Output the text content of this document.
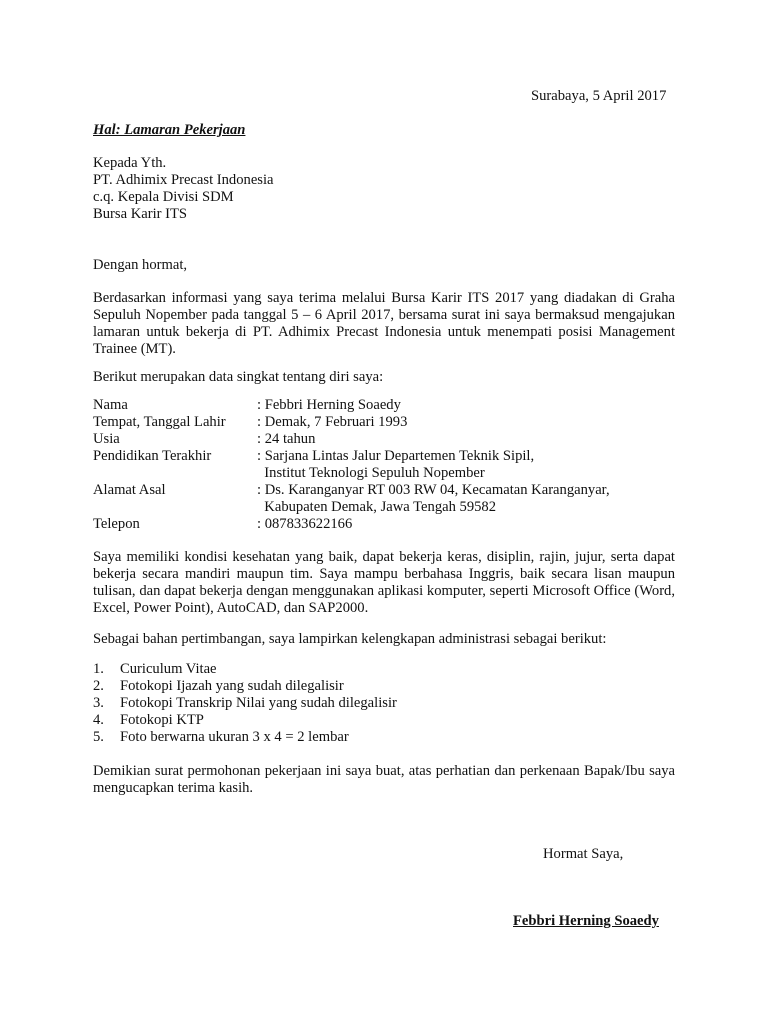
Surabaya, 5 April 2017
Hal: Lamaran Pekerjaan
Kepada Yth.
PT. Adhimix Precast Indonesia
c.q. Kepala Divisi SDM
Bursa Karir ITS
Dengan hormat,
Berdasarkan informasi yang saya terima melalui Bursa Karir ITS 2017 yang diadakan di Graha Sepuluh Nopember pada tanggal 5 – 6 April 2017, bersama surat ini saya bermaksud mengajukan lamaran untuk bekerja di PT. Adhimix Precast Indonesia untuk menempati posisi Management Trainee (MT).
Berikut merupakan data singkat tentang diri saya:
Nama	: Febbri Herning Soaedy
Tempat, Tanggal Lahir : Demak, 7 Februari 1993
Usia	: 24 tahun
Pendidikan Terakhir	: Sarjana Lintas Jalur Departemen Teknik Sipil,
Institut Teknologi Sepuluh Nopember
Alamat Asal	: Ds. Karanganyar RT 003 RW 04, Kecamatan Karanganyar,
Kabupaten Demak, Jawa Tengah 59582
Telepon	: 087833622166
Saya memiliki kondisi kesehatan yang baik, dapat bekerja keras, disiplin, rajin, jujur, serta dapat bekerja secara mandiri maupun tim. Saya mampu berbahasa Inggris, baik secara lisan maupun tulisan, dan dapat bekerja dengan menggunakan aplikasi komputer, seperti Microsoft Office (Word, Excel, Power Point), AutoCAD, dan SAP2000.
Sebagai bahan pertimbangan, saya lampirkan kelengkapan administrasi sebagai berikut:
1. Curiculum Vitae
2. Fotokopi Ijazah yang sudah dilegalisir
3. Fotokopi Transkrip Nilai yang sudah dilegalisir
4. Fotokopi KTP
5. Foto berwarna ukuran 3 x 4 = 2 lembar
Demikian surat permohonan pekerjaan ini saya buat, atas perhatian dan perkenaan Bapak/Ibu saya mengucapkan terima kasih.
Hormat Saya,
Febbri Herning Soaedy
